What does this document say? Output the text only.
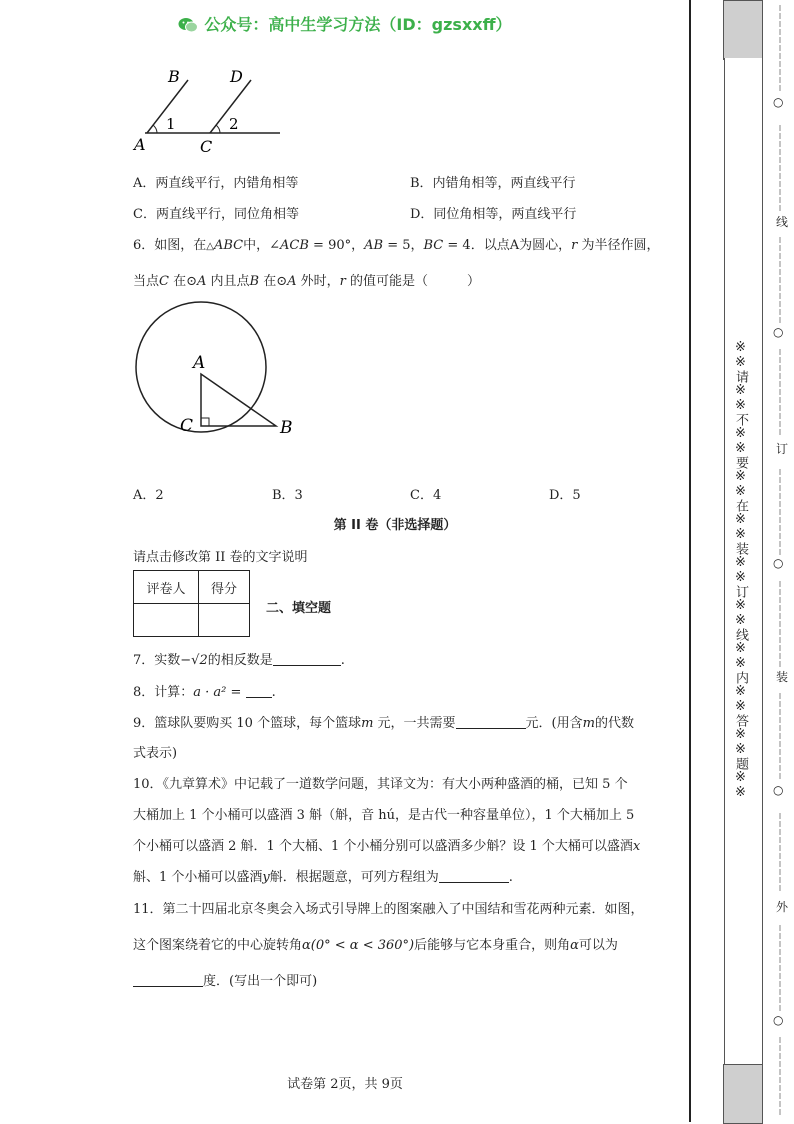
公众号：高中生学习方法（ID：gzsxxff）
B	D
A	C
1	2
A．两直线平行，内错角相等	B．内错角相等，两直线平行
C．两直线平行，同位角相等	D．同位角相等，两直线平行
6．如图，在△ABC中，∠ACB = 90°，AB = 5，BC = 4．以点A为圆心，r 为半径作圆，
当点C 在⊙A 内且点B 在⊙A 外时，r 的值可能是（　　　）
A
C	B
A．2	B．3	C．4	D．5
第 II 卷（非选择题）
请点击修改第 II 卷的文字说明
评卷人	得分

二、填空题
7．实数−√2的相反数是	.
8．计算：a · a² = .
9．篮球队要购买 10 个篮球，每个篮球m 元，一共需要	元．(用含m的代数
式表示)
10．《九章算术》中记载了一道数学问题，其译文为：有大小两种盛酒的桶，已知 5 个
大桶加上 1 个小桶可以盛酒 3 斛（斛，音 hú，是古代一种容量单位），1 个大桶加上 5
个小桶可以盛酒 2 斛．1 个大桶、1 个小桶分别可以盛酒多少斛？设 1 个大桶可以盛酒x
斛、1 个小桶可以盛酒y斛．根据题意，可列方程组为	.
11．第二十四届北京冬奥会入场式引导牌上的图案融入了中国结和雪花两种元素．如图，
这个图案绕着它的中心旋转角α(0° < α < 360°)后能够与它本身重合，则角α可以为
度．(写出一个即可)
试卷第 2页，共 9页
※※请※※不※※要※※在※※装※※订※※线※※内※※答※※题※※
○
线
○
订
○
装
○
外
○
